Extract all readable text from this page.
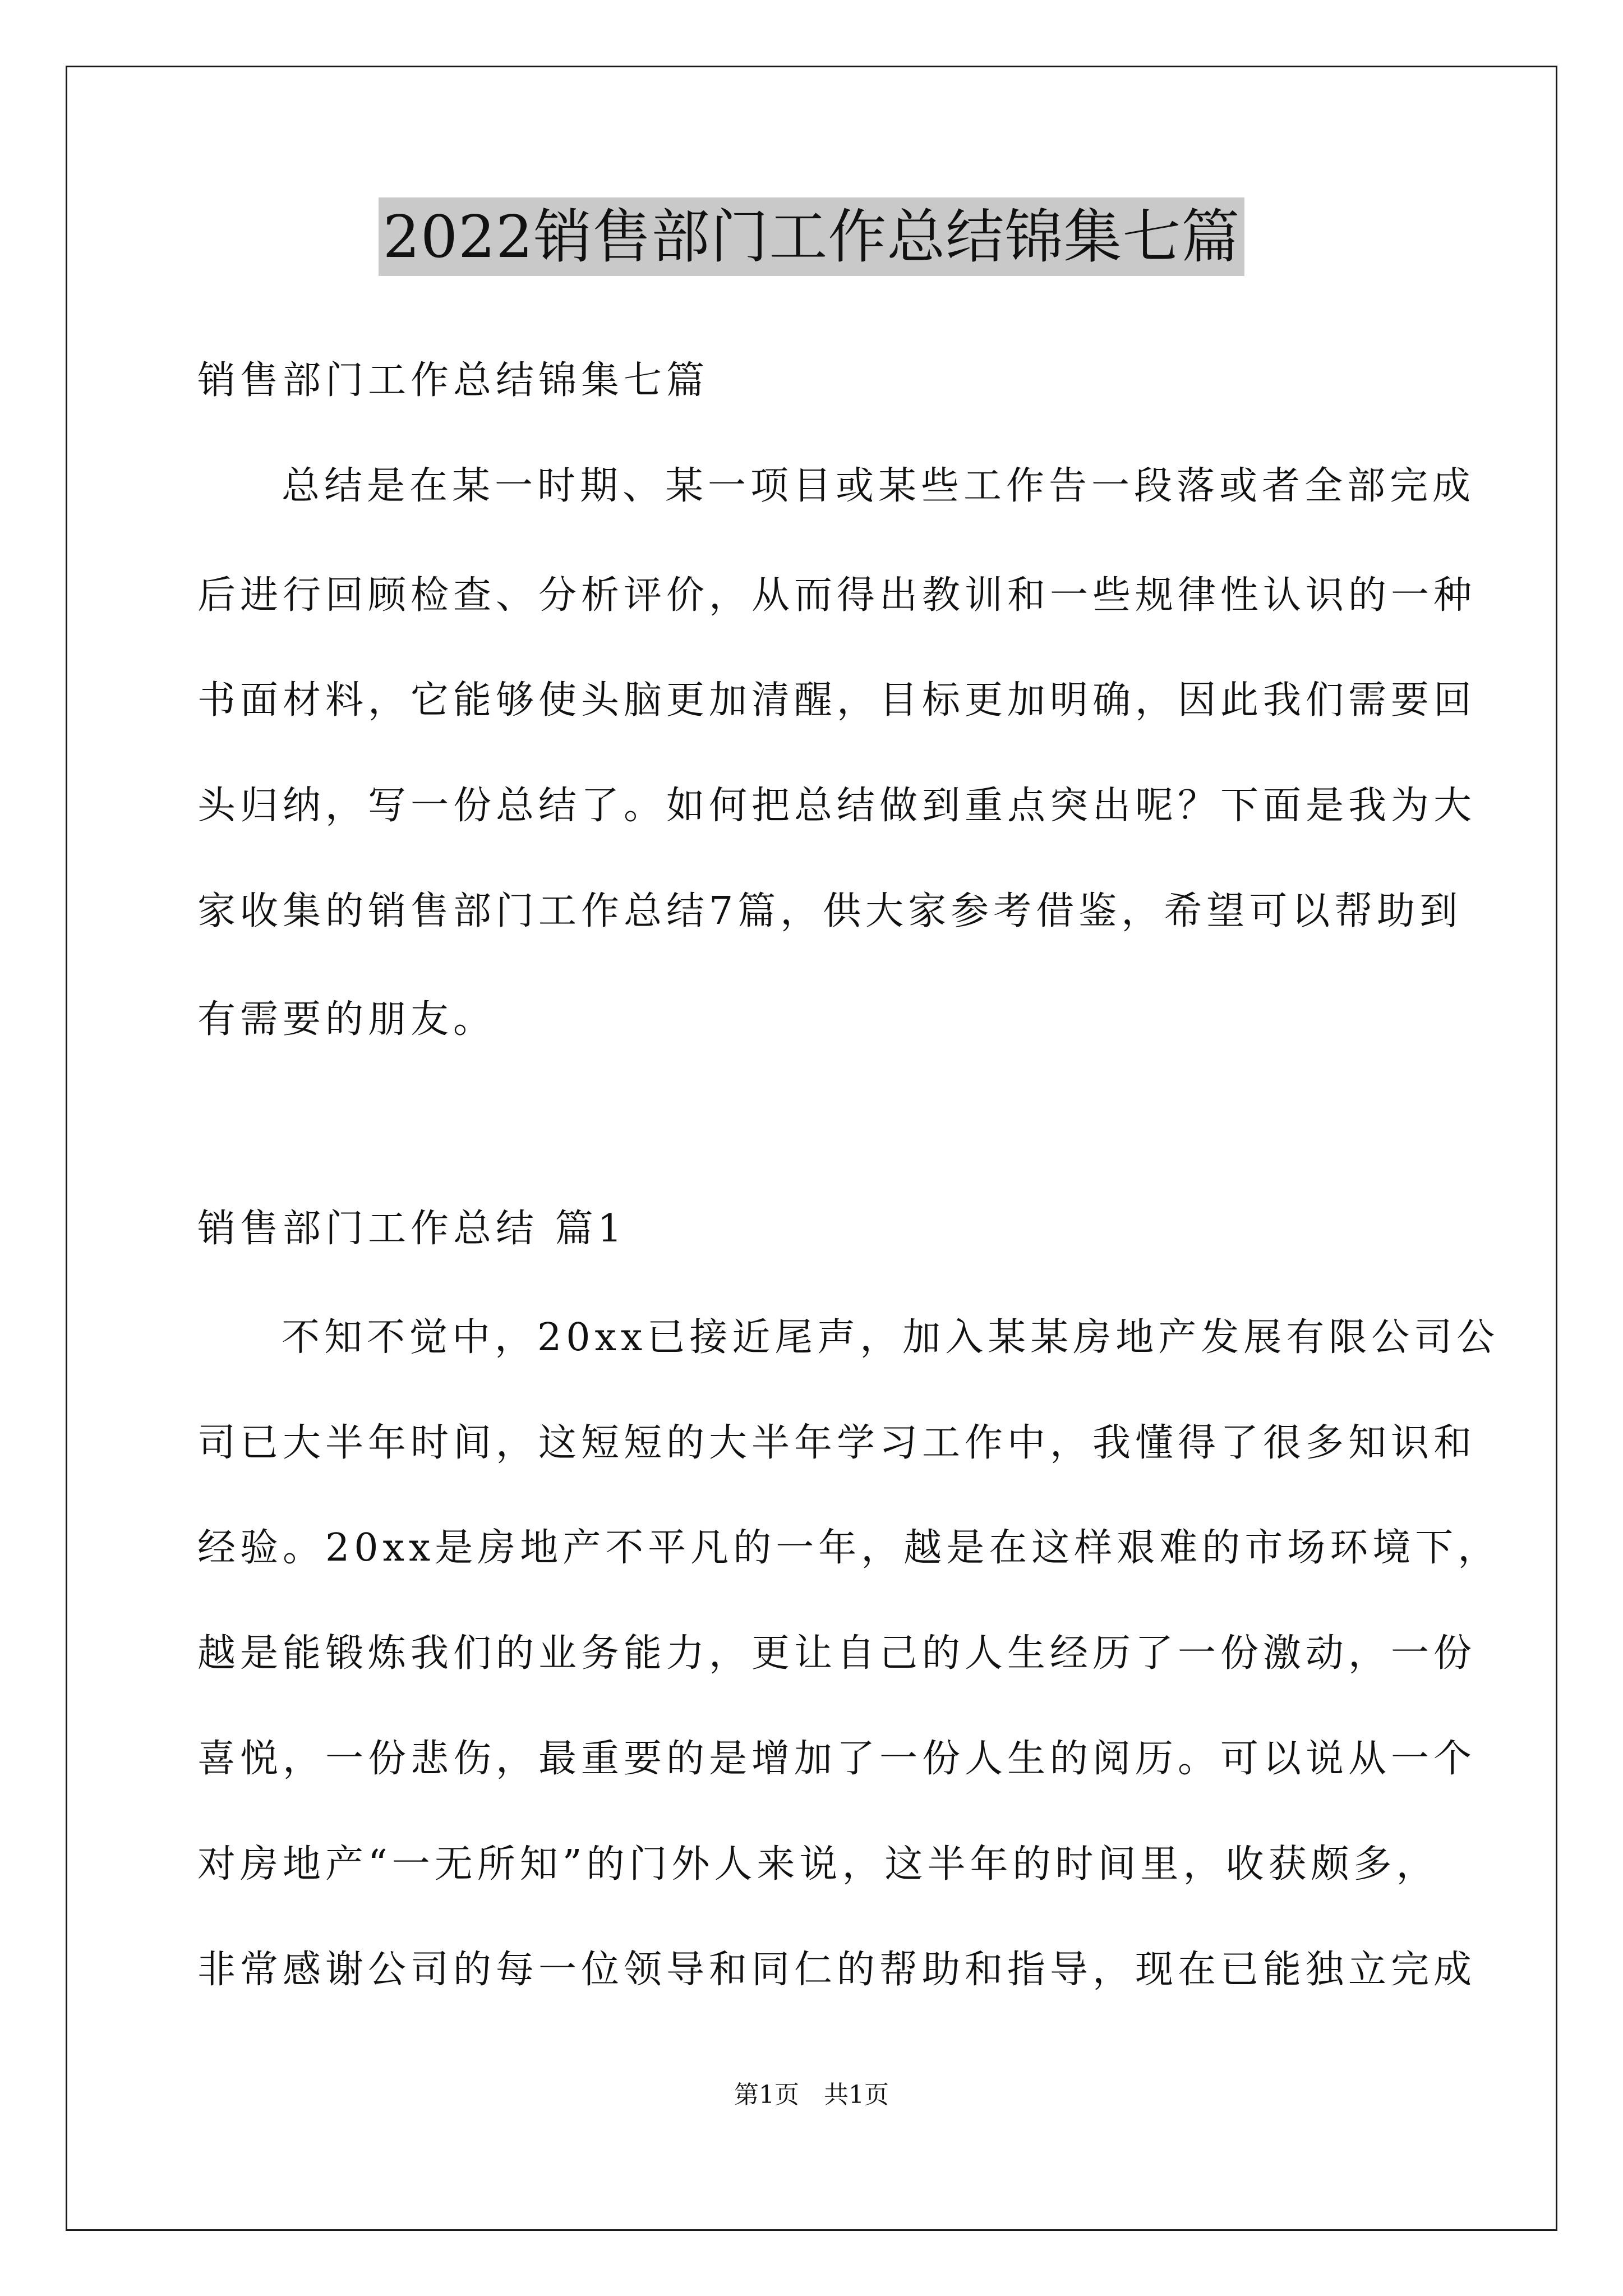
2022销售部门工作总结锦集七篇

销售部门工作总结锦集七篇

总结是在某一时期、某一项目或某些工作告一段落或者全部完成

后进行回顾检查、分析评价，从而得出教训和一些规律性认识的一种

书面材料，它能够使头脑更加清醒，目标更加明确，因此我们需要回

头归纳，写一份总结了。如何把总结做到重点突出呢？下面是我为大

家收集的销售部门工作总结7篇，供大家参考借鉴，希望可以帮助到

有需要的朋友。

销售部门工作总结 篇1

不知不觉中，20xx已接近尾声，加入某某房地产发展有限公司公

司已大半年时间，这短短的大半年学习工作中，我懂得了很多知识和

经验。20xx是房地产不平凡的一年，越是在这样艰难的市场环境下，

越是能锻炼我们的业务能力，更让自己的人生经历了一份激动，一份

喜悦，一份悲伤，最重要的是增加了一份人生的阅历。可以说从一个

对房地产“一无所知”的门外人来说，这半年的时间里，收获颇多，

非常感谢公司的每一位领导和同仁的帮助和指导，现在已能独立完成

第1页　共1页
